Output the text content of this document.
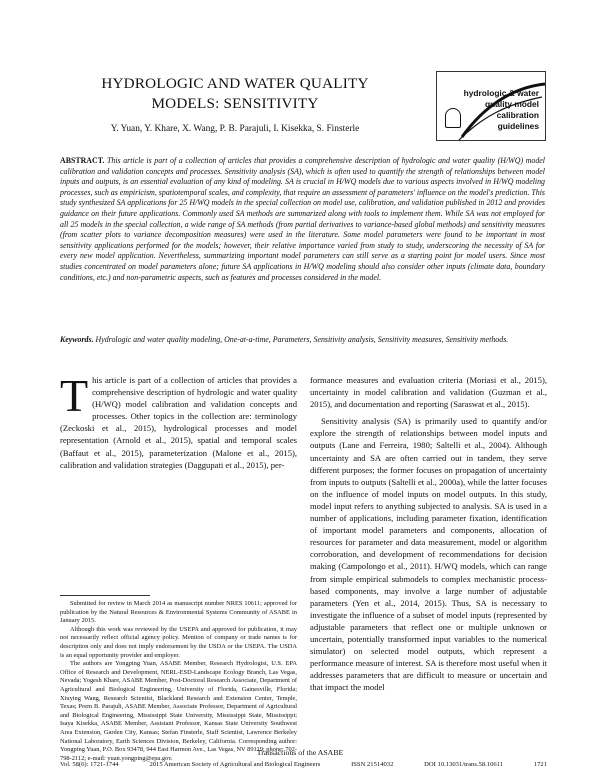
HYDROLOGIC AND WATER QUALITY
MODELS: SENSITIVITY
Y. Yuan, Y. Khare, X. Wang, P. B. Parajuli, I. Kisekka, S. Finsterle
hydrologic & water
quality model
calibration
guidelines
ABSTRACT. This article is part of a collection of articles that provides a comprehensive description of hydrologic and water quality (H/WQ) model calibration and validation concepts and processes. Sensitivity analysis (SA), which is often used to quantify the strength of relationships between model inputs and outputs, is an essential evaluation of any kind of modeling. SA is crucial in H/WQ models due to various aspects involved in H/WQ modeling processes, such as empiricism, spatiotemporal scales, and complexity, that require an assessment of parameters' influence on the model's prediction. This study synthesized SA applications for 25 H/WQ models in the special collection on model use, calibration, and validation published in 2012 and provides guidance on their future applications. Commonly used SA methods are summarized along with tools to implement them. While SA was not employed for all 25 models in the special collection, a wide range of SA methods (from partial derivatives to variance-based global methods) and sensitivity measures (from scatter plots to variance decomposition measures) were used in the literature. Some model parameters were found to be important in most sensitivity applications performed for the models; however, their relative importance varied from study to study, underscoring the necessity of SA for every new model application. Nevertheless, summarizing important model parameters can still serve as a starting point for model users. Since most studies concentrated on model parameters alone; future SA applications in H/WQ modeling should also consider other inputs (climate data, boundary conditions, etc.) and non-parametric aspects, such as features and processes considered in the model.
Keywords. Hydrologic and water quality modeling, One-at-a-time, Parameters, Sensitivity analysis, Sensitivity measures, Sensitivity methods.

This article is part of a collection of articles that provides a comprehensive description of hydrologic and water quality (H/WQ) model calibration and validation concepts and processes. Other topics in the collection are: terminology (Zeckoski et al., 2015), hydrological processes and model representation (Arnold et al., 2015), spatial and temporal scales (Baffaut et al., 2015), parameterization (Malone et al., 2015), calibration and validation strategies (Daggupati et al., 2015), per-

Submitted for review in March 2014 as manuscript number NRES 10611; approved for publication by the Natural Resources & Environmental Systems Community of ASABE in January 2015.

Although this work was reviewed by the USEPA and approved for publication, it may not necessarily reflect official agency policy. Mention of company or trade names is for description only and does not imply endorsement by the USDA or the USEPA. The USDA is an equal opportunity provider and employer.

The authors are Yongping Yuan, ASABE Member, Research Hydrologist, U.S. EPA Office of Research and Development, NERL-ESD-Landscape Ecology Branch, Las Vegas, Nevada; Yogesh Khare, ASABE Member, Post-Doctoral Research Associate, Department of Agricultural and Biological Engineering, University of Florida, Gainesville, Florida; Xiuying Wang, Research Scientist, Blackland Research and Extension Center, Temple, Texas; Prem B. Parajuli, ASABE Member, Associate Professor, Department of Agricultural and Biological Engineering, Mississippi State University, Mississippi State, Mississippi; Isaya Kisekka, ASABE Member, Assistant Professor, Kansas State University Southwest Area Extension, Garden City, Kansas; Stefan Finsterle, Staff Scientist, Lawrence Berkeley National Laboratory, Earth Sciences Division, Berkeley, California. Corresponding author: Yongping Yuan, P.O. Box 93478, 944 East Harmon Ave., Las Vegas, NV 89119; phone: 702-798-2112; e-mail: yuan.yongping@epa.gov.

formance measures and evaluation criteria (Moriasi et al., 2015), uncertainty in model calibration and validation (Guzman et al., 2015), and documentation and reporting (Saraswat et al., 2015).

Sensitivity analysis (SA) is primarily used to quantify and/or explore the strength of relationships between model inputs and outputs (Lane and Ferreira, 1980; Saltelli et al., 2004). Although uncertainty and SA are often carried out in tandem, they serve different purposes; the former focuses on propagation of uncertainty from inputs to outputs (Saltelli et al., 2000a), while the latter focuses on the influence of model inputs on model outputs. In this study, model input refers to anything subjected to analysis. SA is used in a number of applications, including parameter fixation, identification of important model parameters and components, allocation of resources for parameter and data measurement, model or algorithm corroboration, and development of recommendations for decision making (Campolongo et al., 2011). H/WQ models, which can range from simple empirical submodels to complex mechanistic process-based components, may involve a large number of adjustable parameters (Yen et al., 2014, 2015). Thus, SA is necessary to investigate the influence of a subset of model inputs (represented by adjustable parameters that reflect one or multiple unknown or uncertain, potentially transformed input variables to the numerical simulator) on selected model outputs, which represent a performance measure of interest. SA is therefore most useful when it addresses parameters that are difficult to measure or uncertain and that impact the model

Transactions of the ASABE
Vol. 58(6): 1721-1744	2015 American Society of Agricultural and Biological Engineers	ISSN 21514032	DOI 10.13031/trans.58.10611	1721
